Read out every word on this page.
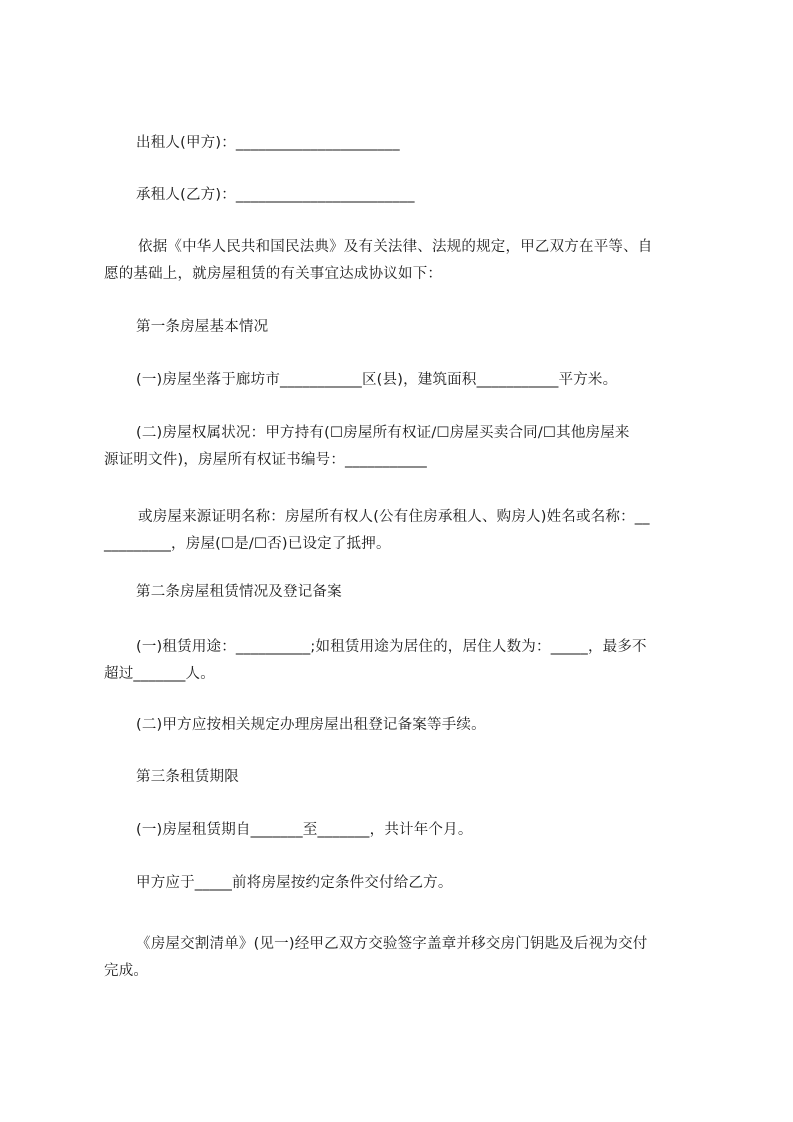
出租人(甲方)：______________________
承租人(乙方)：________________________
依据《中华人民共和国民法典》及有关法律、法规的规定，甲乙双方在平等、自
愿的基础上，就房屋租赁的有关事宜达成协议如下：
第一条房屋基本情况
(一)房屋坐落于廊坊市___________区(县)，建筑面积___________平方米。
(二)房屋权属状况：甲方持有(☐房屋所有权证/☐房屋买卖合同/☐其他房屋来
源证明文件)，房屋所有权证书编号：___________
或房屋来源证明名称：房屋所有权人(公有住房承租人、购房人)姓名或名称：__
_________，房屋(☐是/☐否)已设定了抵押。
第二条房屋租赁情况及登记备案
(一)租赁用途：__________;如租赁用途为居住的，居住人数为：_____，最多不
超过_______人。
(二)甲方应按相关规定办理房屋出租登记备案等手续。
第三条租赁期限
(一)房屋租赁期自_______至_______，共计年个月。
甲方应于_____前将房屋按约定条件交付给乙方。
《房屋交割清单》(见一)经甲乙双方交验签字盖章并移交房门钥匙及后视为交付
完成。
